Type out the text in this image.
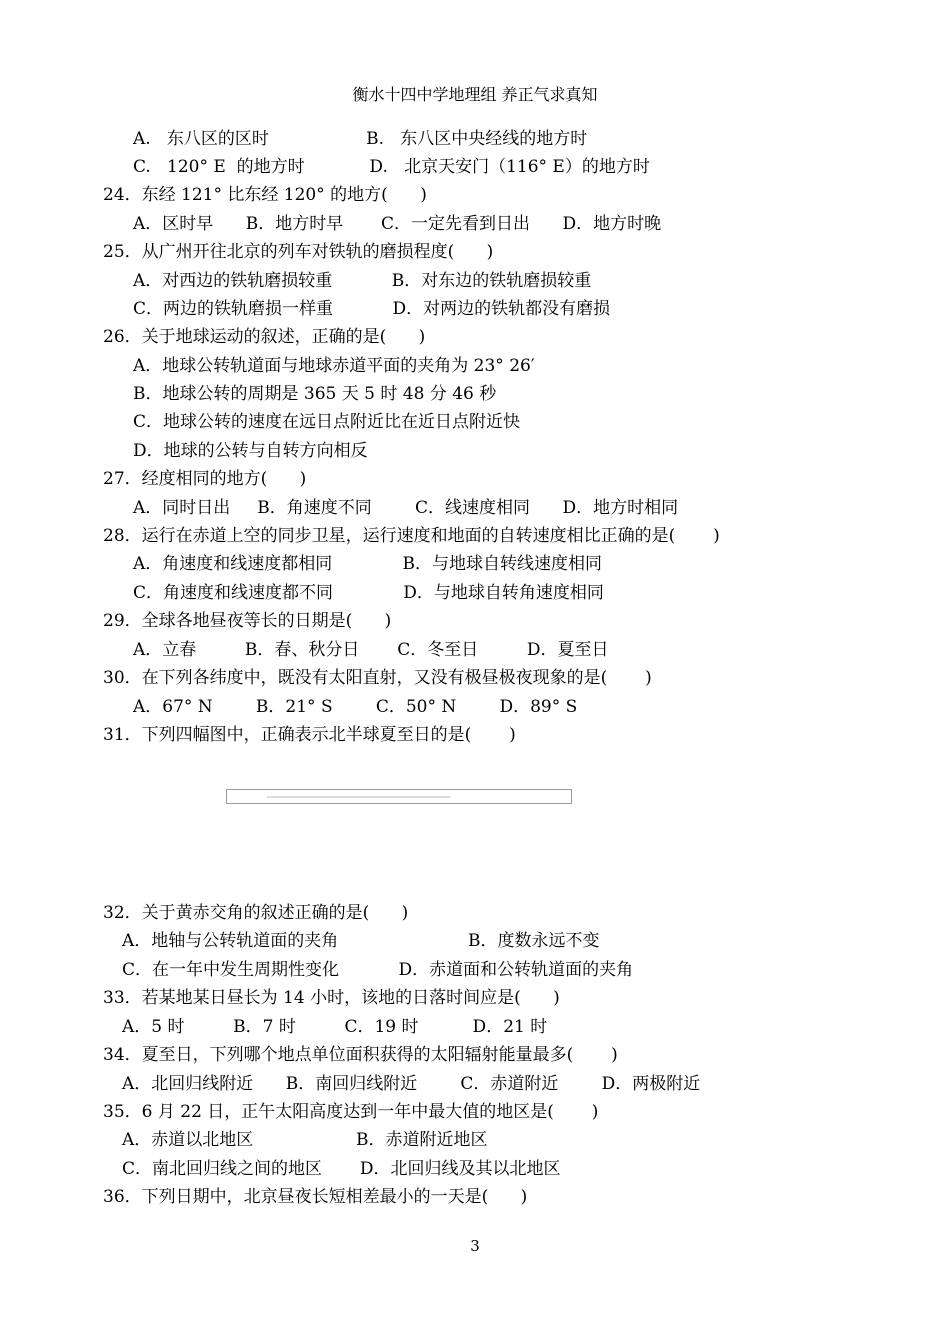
衡水十四中学地理组 养正气求真知
A.   东八区的区时                  B.   东八区中央经线的地方时
C.   120° E  的地方时            D.   北京天安门（116° E）的地方时
24．东经 121° 比东经 120° 的地方(      )
A．区时早      B．地方时早       C．一定先看到日出      D．地方时晚
25．从广州开往北京的列车对铁轨的磨损程度(      )
A．对西边的铁轨磨损较重           B．对东边的铁轨磨损较重
C．两边的铁轨磨损一样重           D．对两边的铁轨都没有磨损
26．关于地球运动的叙述，正确的是(      )
A．地球公转轨道面与地球赤道平面的夹角为 23° 26′
B．地球公转的周期是 365 天 5 时 48 分 46 秒
C．地球公转的速度在远日点附近比在近日点附近快
D．地球的公转与自转方向相反
27．经度相同的地方(      )
A．同时日出     B．角速度不同        C．线速度相同      D．地方时相同
28．运行在赤道上空的同步卫星，运行速度和地面的自转速度相比正确的是(       )
A．角速度和线速度都相同             B．与地球自转线速度相同
C．角速度和线速度都不同             D．与地球自转角速度相同
29．全球各地昼夜等长的日期是(      )
A．立春         B．春、秋分日       C．冬至日         D．夏至日
30．在下列各纬度中，既没有太阳直射，又没有极昼极夜现象的是(       )
A．67° N        B．21° S        C．50° N        D．89° S
31．下列四幅图中，正确表示北半球夏至日的是(       )
32．关于黄赤交角的叙述正确的是(      )
A．地轴与公转轨道面的夹角                        B．度数永远不变
C．在一年中发生周期性变化           D．赤道面和公转轨道面的夹角
33．若某地某日昼长为 14 小时，该地的日落时间应是(      )
A．5 时         B．7 时         C．19 时          D．21 时
34．夏至日，下列哪个地点单位面积获得的太阳辐射能量最多(       )
A．北回归线附近      B．南回归线附近        C．赤道附近        D．两极附近
35．6 月 22 日，正午太阳高度达到一年中最大值的地区是(       )
A．赤道以北地区                   B．赤道附近地区
C．南北回归线之间的地区       D．北回归线及其以北地区
36．下列日期中，北京昼夜长短相差最小的一天是(      )
3
